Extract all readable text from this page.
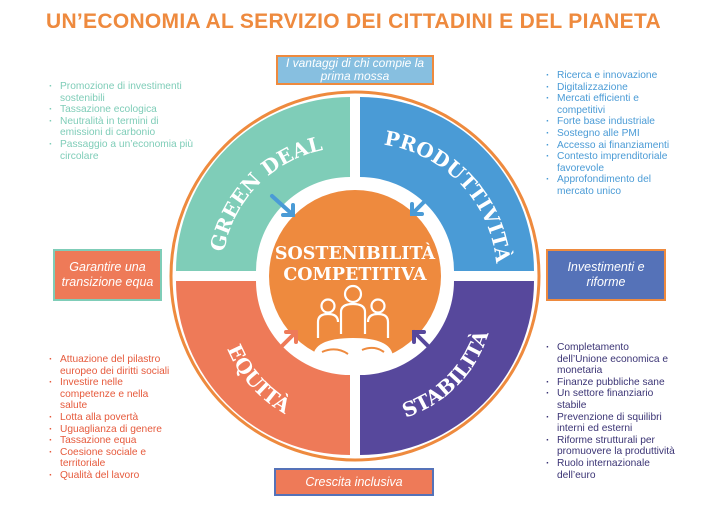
UN’ECONOMIA AL SERVIZIO DEI CITTADINI E DEL PIANETA
SOSTENIBILITÀ
COMPETITIVA
GREEN DEAL	PRODUTTIVITÀ
EQUITÀ	STABILITÀ
I vantaggi di chi compie la prima mossa
Garantire una transizione equa
Investimenti e riforme
Crescita inclusiva
· Promozione di investimenti sostenibili
· Tassazione ecologica
· Neutralità in termini di emissioni di carbonio
· Passaggio a un’economia più circolare
· Ricerca e innovazione
· Digitalizzazione
· Mercati efficienti e competitivi
· Forte base industriale
· Sostegno alle PMI
· Accesso ai finanziamenti
· Contesto imprenditoriale favorevole
· Approfondimento del mercato unico
· Attuazione del pilastro europeo dei diritti sociali
· Investire nelle competenze e nella salute
· Lotta alla povertà
· Uguaglianza di genere
· Tassazione equa
· Coesione sociale e territoriale
· Qualità del lavoro
· Completamento dell’Unione economica e monetaria
· Finanze pubbliche sane
· Un settore finanziario stabile
· Prevenzione di squilibri interni ed esterni
· Riforme strutturali per promuovere la produttività
· Ruolo internazionale dell’euro
